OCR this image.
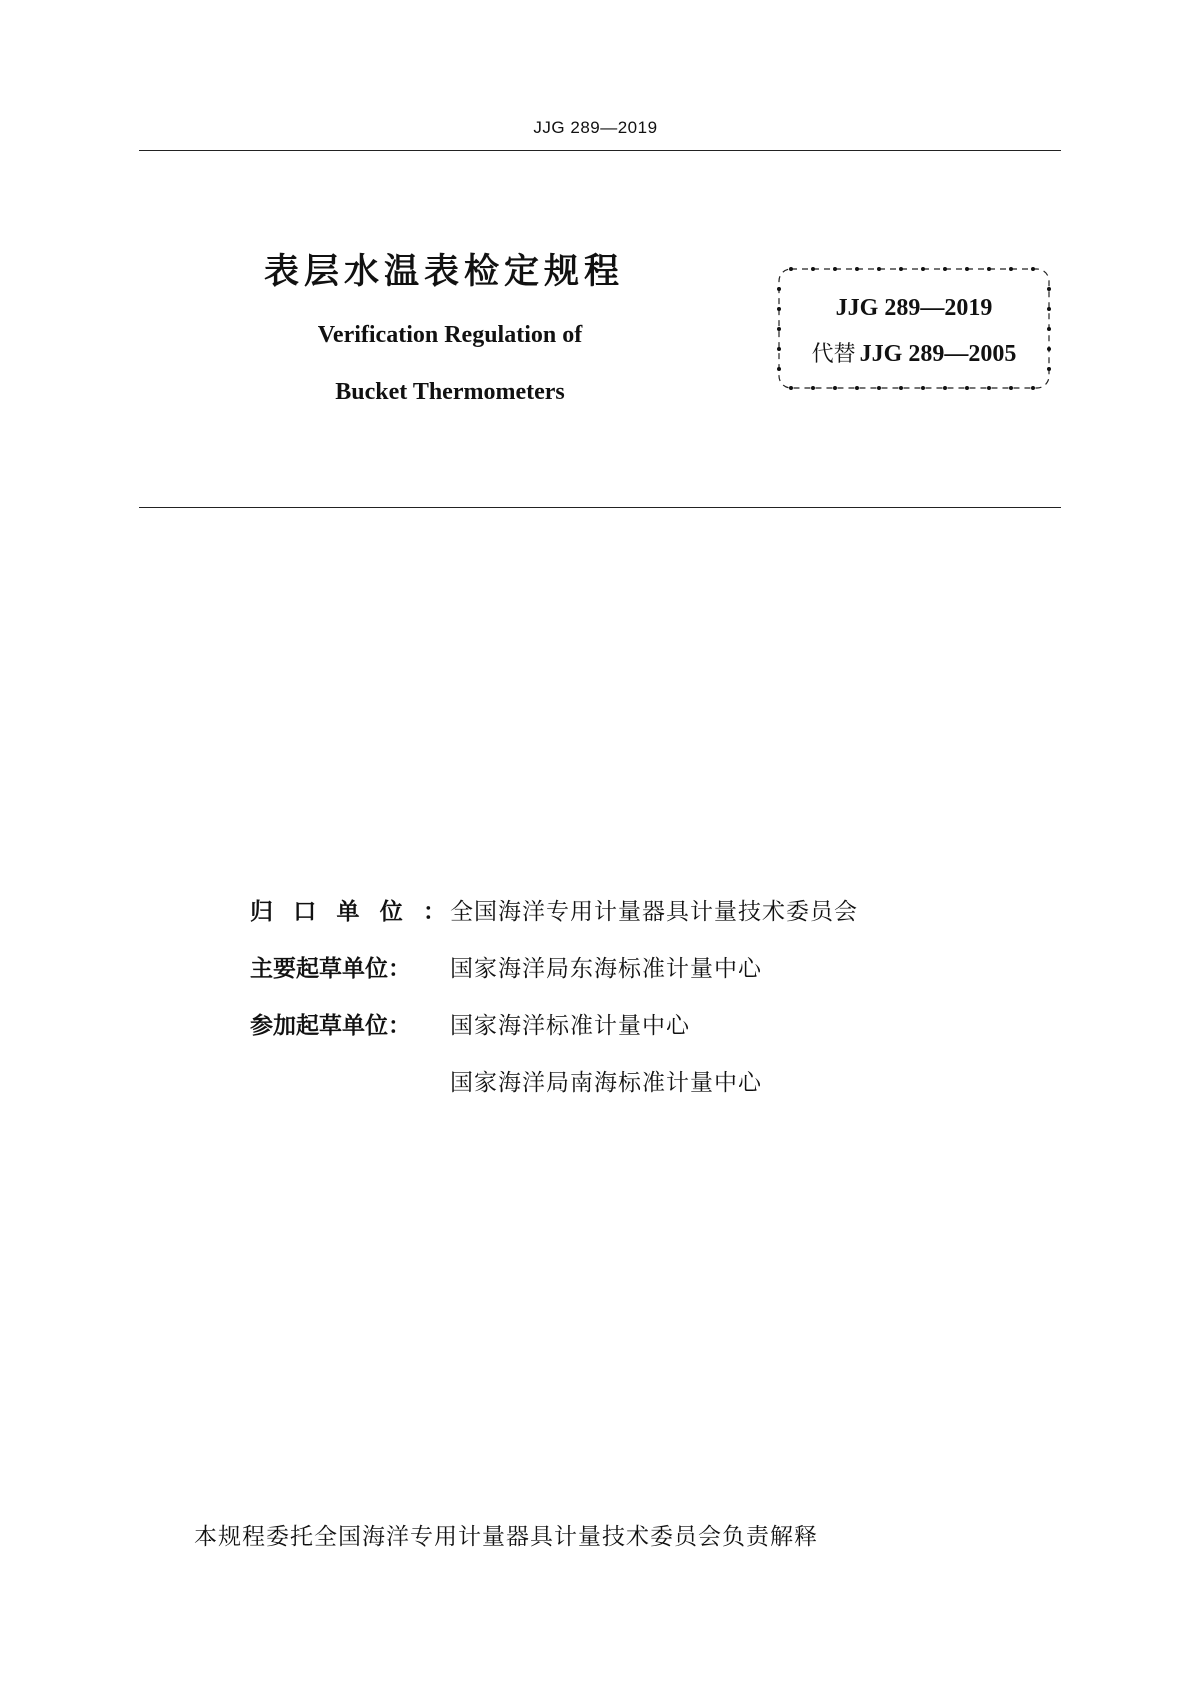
JJG 289—2019
表层水温表检定规程
Verification Regulation of
Bucket Thermometers
JJG 289—2019
代替 JJG 289—2005
归口单位： 全国海洋专用计量器具计量技术委员会
主要起草单位：	国家海洋局东海标准计量中心
参加起草单位：	国家海洋标准计量中心
国家海洋局南海标准计量中心
本规程委托全国海洋专用计量器具计量技术委员会负责解释
